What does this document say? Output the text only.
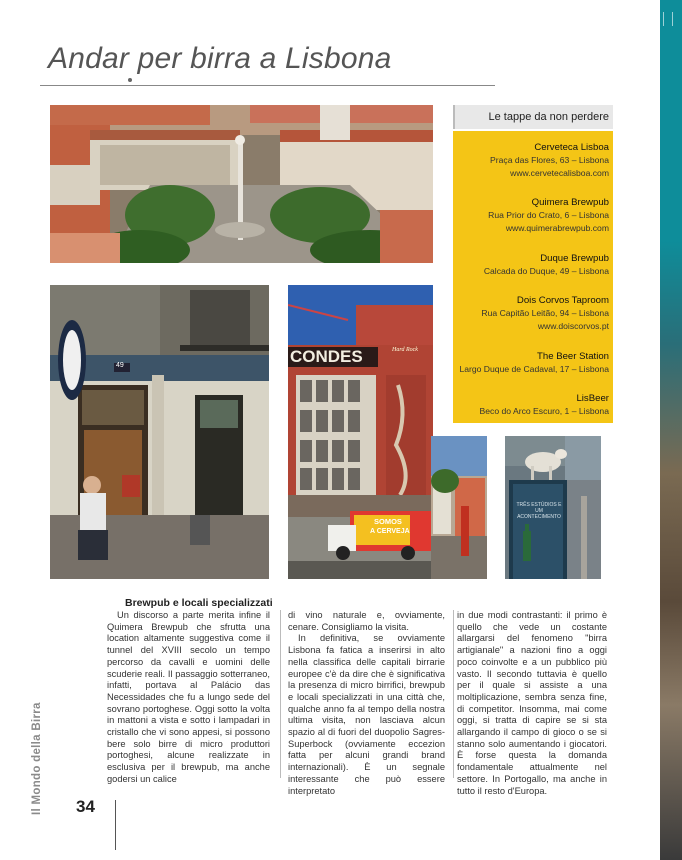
Andar per birra a Lisbona
49	CONDES	Hard Rock
SOMOS
A CERVEJA
TRÊS ESTÚDIOS E UM ACONTECIMENTO
Le tappe da non perdere
Cerveteca Lisboa
Praça das Flores, 63 – Lisbona
www.cervetecalisboa.com
Quimera Brewpub
Rua Prior do Crato, 6 – Lisbona
www.quimerabrewpub.com
Duque Brewpub
Calcada do Duque, 49 – Lisbona
Dois Corvos Taproom
Rua Capitão Leitão, 94 – Lisbona
www.doiscorvos.pt
The Beer Station
Largo Duque de Cadaval, 17 – Lisbona
LisBeer
Beco do Arco Escuro, 1 – Lisbona
Brewpub e locali specializzati

Un discorso a parte merita infine il Quimera Brewpub che sfrutta una location altamente suggestiva come il tunnel del XVIII secolo un tempo percorso da cavalli e uomini delle scuderie reali. Il passaggio sotterraneo, infatti, portava al Palácio das Necessidades che fu a lungo sede del sovrano portoghese. Oggi sotto la volta in mattoni a vista e sotto i lampadari in cristallo che vi sono appesi, si possono bere solo birre di micro produttori portoghesi, alcune realizzate in esclusiva per il brewpub, ma anche godersi un calice

di vino naturale e, ovviamente, cenare. Consigliamo la visita.

In definitiva, se ovviamente Lisbona fa fatica a inserirsi in alto nella classifica delle capitali birrarie europee c'è da dire che è significativa la presenza di micro birrifici, brewpub e locali specializzati in una città che, qualche anno fa al tempo della nostra ultima visita, non lasciava alcun spazio al di fuori del duopolio Sagres-Superbock (ovviamente eccezion fatta per alcuni grandi brand internazionali). È un segnale interessante che può essere interpretato

in due modi contrastanti: il primo è quello che vede un costante allargarsi del fenomeno "birra artigianale" a nazioni fino a oggi poco coinvolte e a un pubblico più vasto. Il secondo tuttavia è quello per il quale si assiste a una moltiplicazione, sembra senza fine, di competitor. Insomma, mai come oggi, si tratta di capire se si sta allargando il campo di gioco o se si stanno solo aumentando i giocatori. È forse questa la domanda fondamentale attualmente nel settore. In Portogallo, ma anche in tutto il resto d'Europa.

Il Mondo della Birra 34
